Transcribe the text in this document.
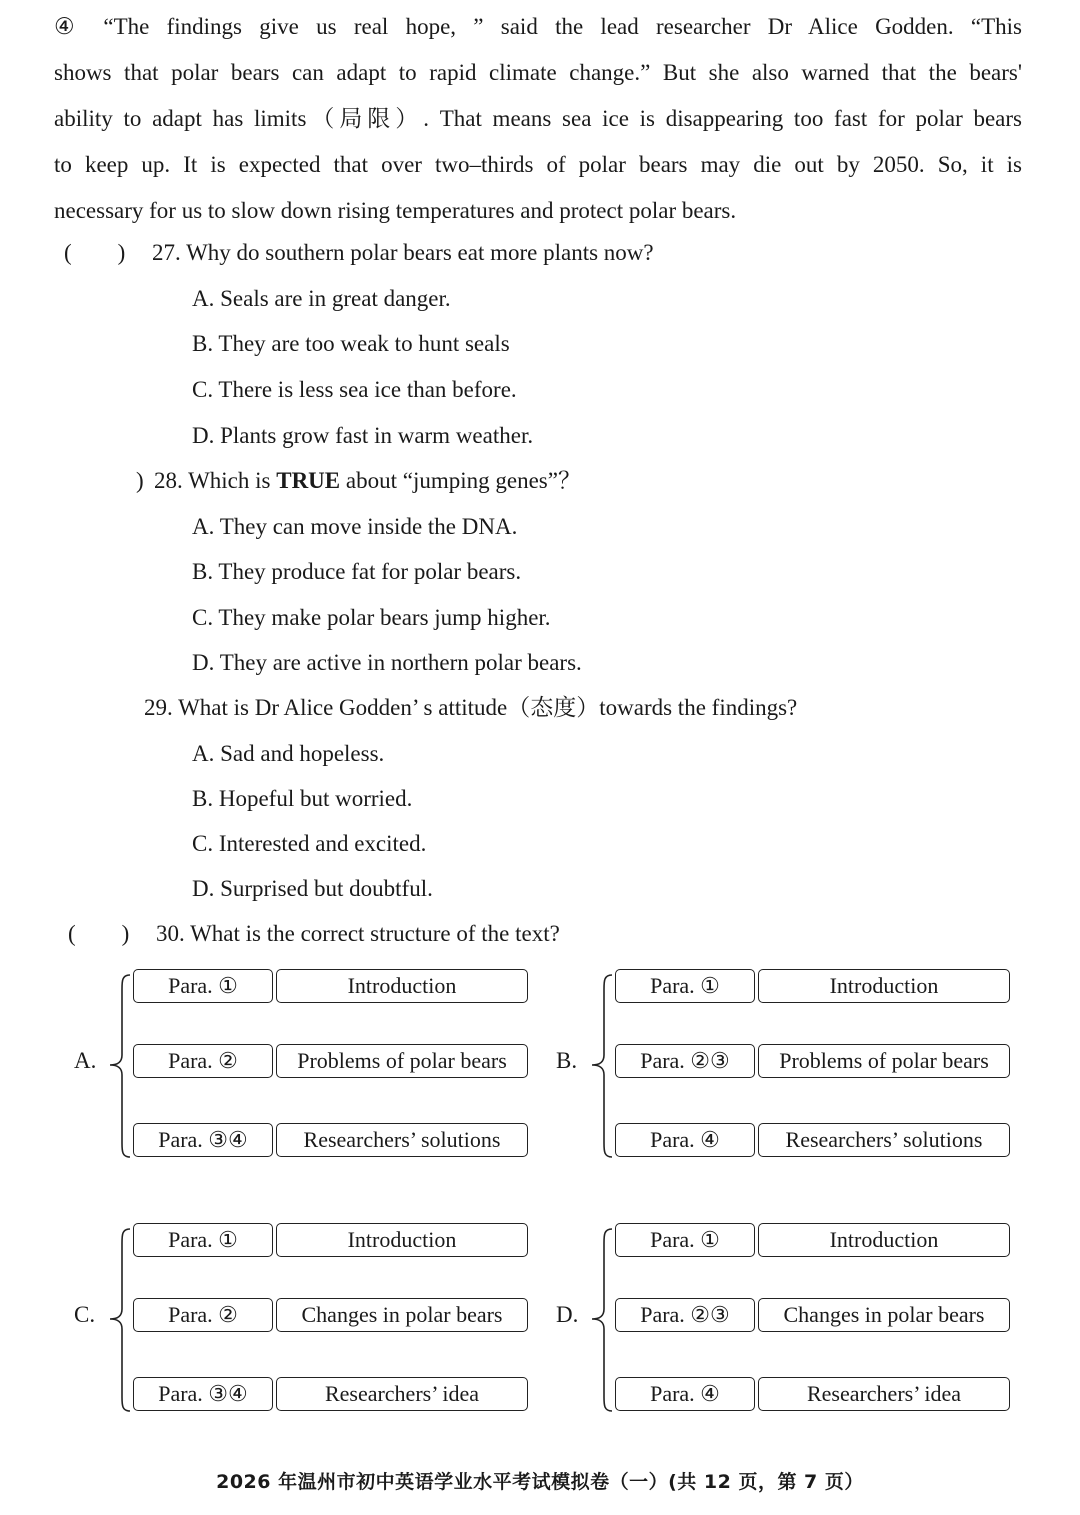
④ “The findings give us real hope, ” said the lead researcher Dr Alice Godden. “This
shows that polar bears can adapt to rapid climate change.” But she also warned that the bears'
ability to adapt has limits（局限）. That means sea ice is disappearing too fast for polar bears
to keep up. It is expected that over two–thirds of polar bears may die out by 2050. So, it is
necessary for us to slow down rising temperatures and protect polar bears.
(　　) 27. Why do southern polar bears eat more plants now?
A. Seals are in great danger.
B. They are too weak to hunt seals
C. There is less sea ice than before.
D. Plants grow fast in warm weather.
) 28. Which is TRUE about “jumping genes”？
A. They can move inside the DNA.
B. They produce fat for polar bears.
C. They make polar bears jump higher.
D. They are active in northern polar bears.
29. What is Dr Alice Godden’ s attitude（态度）towards the findings?
A. Sad and hopeless.
B. Hopeful but worried.
C. Interested and excited.
D. Surprised but doubtful.
(　　) 30. What is the correct structure of the text?
A.
Para. ①	Introduction
Para. ②	Problems of polar bears
Para. ③④	Researchers’ solutions
B.
Para. ①	Introduction
Para. ②③	Problems of polar bears
Para. ④	Researchers’ solutions
C.
Para. ①	Introduction
Para. ②	Changes in polar bears
Para. ③④	Researchers’ idea
D.
Para. ①	Introduction
Para. ②③	Changes in polar bears
Para. ④	Researchers’ idea
2026 年温州市初中英语学业水平考试模拟卷（一）(共 12 页，第 7 页）
